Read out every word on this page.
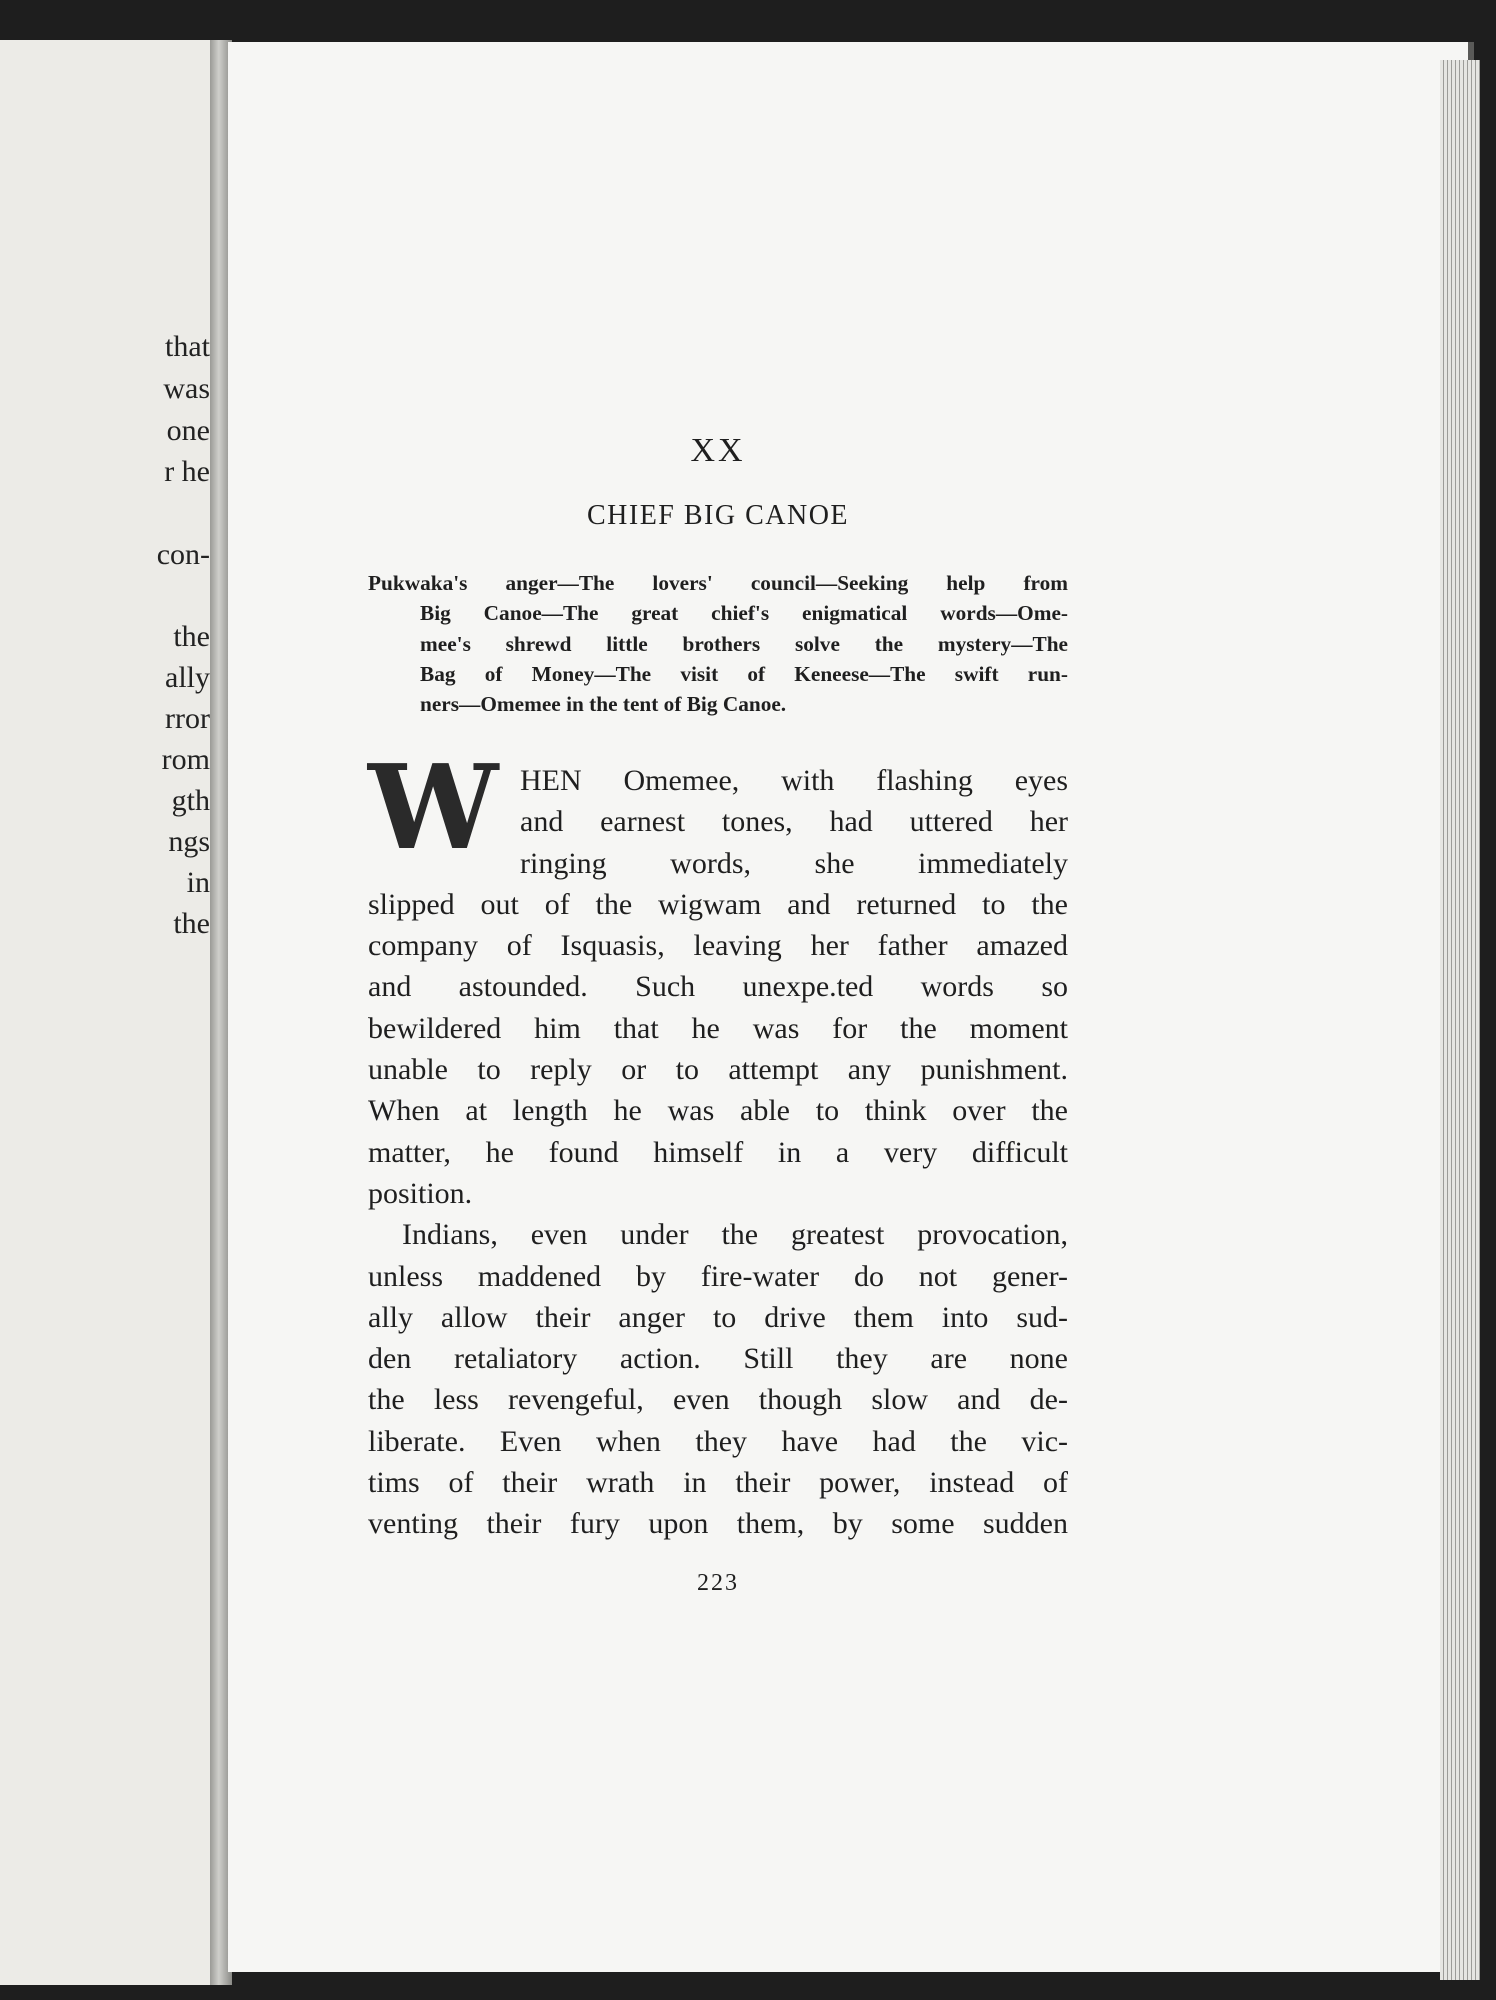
that
was
one
r he
con-
the
ally
rror
rom
gth
ngs
in
the
XX
CHIEF BIG CANOE
Pukwaka's anger—The lovers' council—Seeking help from
Big Canoe—The great chief's enigmatical words—Ome-
mee's shrewd little brothers solve the mystery—The
Bag of Money—The visit of Keneese—The swift run-
ners—Omemee in the tent of Big Canoe.
W HEN Omemee, with flashing eyes
and earnest tones, had uttered her
ringing words, she immediately
slipped out of the wigwam and returned to the
company of Isquasis, leaving her father amazed
and astounded. Such unexpe.ted words so
bewildered him that he was for the moment
unable to reply or to attempt any punishment.
When at length he was able to think over the
matter, he found himself in a very difficult
position.
Indians, even under the greatest provocation,
unless maddened by fire-water do not gener-
ally allow their anger to drive them into sud-
den retaliatory action. Still they are none
the less revengeful, even though slow and de-
liberate. Even when they have had the vic-
tims of their wrath in their power, instead of
venting their fury upon them, by some sudden
223
